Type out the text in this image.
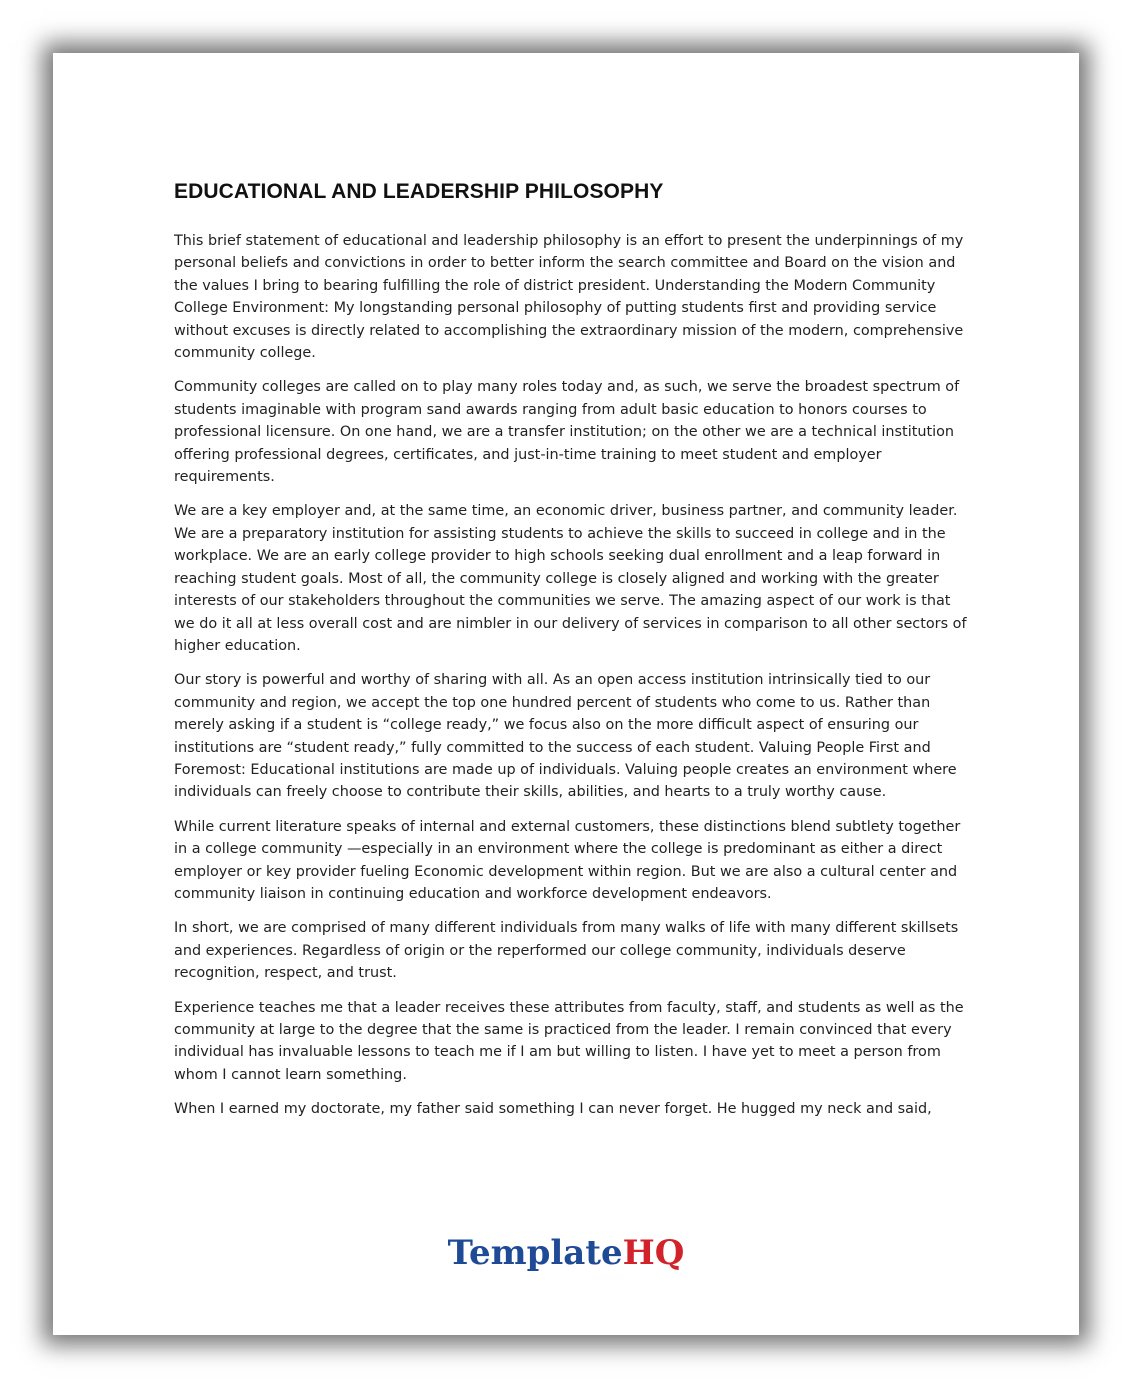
EDUCATIONAL AND LEADERSHIP PHILOSOPHY

This brief statement of educational and leadership philosophy is an effort to present the underpinnings of my personal beliefs and convictions in order to better inform the search committee and Board on the vision and the values I bring to bearing fulfilling the role of district president. Understanding the Modern Community College Environment: My longstanding personal philosophy of putting students first and providing service without excuses is directly related to accomplishing the extraordinary mission of the modern, comprehensive community college.

Community colleges are called on to play many roles today and, as such, we serve the broadest spectrum of students imaginable with program sand awards ranging from adult basic education to honors courses to professional licensure. On one hand, we are a transfer institution; on the other we are a technical institution offering professional degrees, certificates, and just-in-time training to meet student and employer requirements.

We are a key employer and, at the same time, an economic driver, business partner, and community leader. We are a preparatory institution for assisting students to achieve the skills to succeed in college and in the workplace. We are an early college provider to high schools seeking dual enrollment and a leap forward in reaching student goals. Most of all, the community college is closely aligned and working with the greater interests of our stakeholders throughout the communities we serve. The amazing aspect of our work is that we do it all at less overall cost and are nimbler in our delivery of services in comparison to all other sectors of higher education.

Our story is powerful and worthy of sharing with all. As an open access institution intrinsically tied to our community and region, we accept the top one hundred percent of students who come to us. Rather than merely asking if a student is “college ready,” we focus also on the more difficult aspect of ensuring our institutions are “student ready,” fully committed to the success of each student. Valuing People First and Foremost: Educational institutions are made up of individuals. Valuing people creates an environment where individuals can freely choose to contribute their skills, abilities, and hearts to a truly worthy cause.

While current literature speaks of internal and external customers, these distinctions blend subtlety together in a college community —especially in an environment where the college is predominant as either a direct employer or key provider fueling Economic development within region. But we are also a cultural center and community liaison in continuing education and workforce development endeavors.

In short, we are comprised of many different individuals from many walks of life with many different skillsets and experiences. Regardless of origin or the reperformed our college community, individuals deserve recognition, respect, and trust.

Experience teaches me that a leader receives these attributes from faculty, staff, and students as well as the community at large to the degree that the same is practiced from the leader. I remain convinced that every individual has invaluable lessons to teach me if I am but willing to listen. I have yet to meet a person from whom I cannot learn something.

When I earned my doctorate, my father said something I can never forget. He hugged my neck and said,

TemplateHQ
